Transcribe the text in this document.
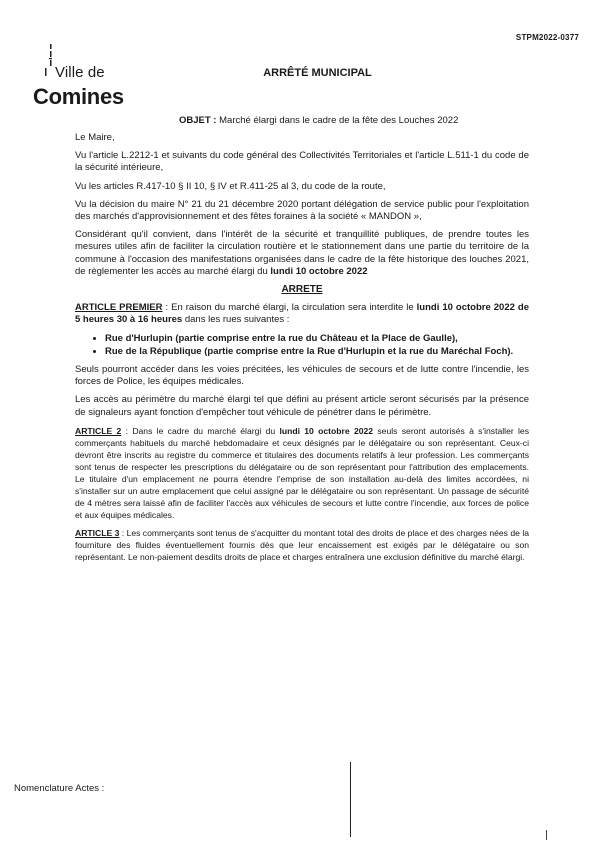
STPM2022-0377
Ville de
Comines
ARRÊTÉ MUNICIPAL
OBJET : Marché élargi dans le cadre de la fête des Louches 2022

Le Maire,

Vu l'article L.2212-1 et suivants du code général des Collectivités Territoriales et l'article L.511-1 du code de la sécurité intérieure,

Vu les articles R.417-10 § II 10, § IV et R.411-25 al 3, du code de la route,

Vu la décision du maire N° 21 du 21 décembre 2020 portant délégation de service public pour l'exploitation des marchés d'approvisionnement et des fêtes foraines à la société « MANDON »,

Considérant qu'il convient, dans l'intérêt de la sécurité et tranquillité publiques, de prendre toutes les mesures utiles afin de faciliter la circulation routière et le stationnement dans une partie du territoire de la commune à l'occasion des manifestations organisées dans le cadre de la fête historique des louches 2021, de règlementer les accès au marché élargi du lundi 10 octobre 2022

ARRETE

ARTICLE PREMIER : En raison du marché élargi, la circulation sera interdite le lundi 10 octobre 2022 de 5 heures 30 à 16 heures dans les rues suivantes :

• Rue d'Hurlupin (partie comprise entre la rue du Château et la Place de Gaulle),
• Rue de la République (partie comprise entre la Rue d'Hurlupin et la rue du Maréchal Foch).

Seuls pourront accéder dans les voies précitées, les véhicules de secours et de lutte contre l'incendie, les forces de Police, les équipes médicales.

Les accès au périmètre du marché élargi tel que défini au présent article seront sécurisés par la présence de signaleurs ayant fonction d'empêcher tout véhicule de pénétrer dans le périmètre.

ARTICLE 2 : Dans le cadre du marché élargi du lundi 10 octobre 2022 seuls seront autorisés à s'installer les commerçants habituels du marché hebdomadaire et ceux désignés par le délégataire ou son représentant. Ceux-ci devront être inscrits au registre du commerce et titulaires des documents relatifs à leur profession. Les commerçants sont tenus de respecter les prescriptions du délégataire ou de son représentant pour l'attribution des emplacements. Le titulaire d'un emplacement ne pourra étendre l'emprise de son installation au-delà des limites accordées, ni s'installer sur un autre emplacement que celui assigné par le délégataire ou son représentant. Un passage de sécurité de 4 mètres sera laissé afin de faciliter l'accès aux véhicules de secours et lutte contre l'incendie, aux forces de police et aux équipes médicales.

ARTICLE 3 : Les commerçants sont tenus de s'acquitter du montant total des droits de place et des charges nées de la fourniture des fluides éventuellement fournis dès que leur encaissement est exigés par le délégataire ou son représentant. Le non-paiement desdits droits de place et charges entraînera une exclusion définitive du marché élargi.

Nomenclature Actes :
